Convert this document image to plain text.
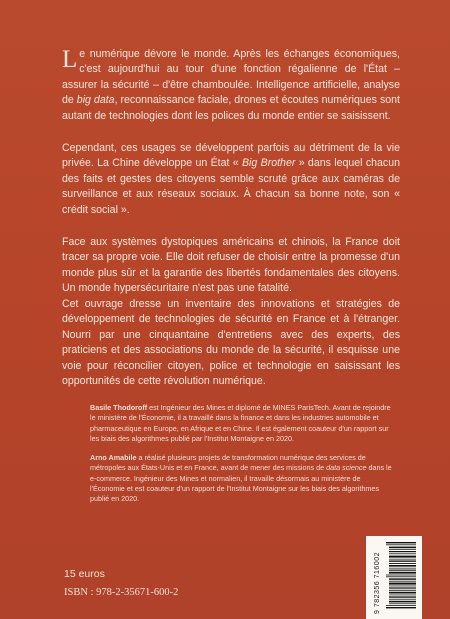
Le numérique dévore le monde. Après les échanges économiques, c'est aujourd'hui au tour d'une fonction régalienne de l'État – assurer la sécurité – d'être chamboulée. Intelligence artificielle, analyse de big data, reconnaissance faciale, drones et écoutes numériques sont autant de technologies dont les polices du monde entier se saisissent.

Cependant, ces usages se développent parfois au détriment de la vie privée. La Chine développe un État « Big Brother » dans lequel chacun des faits et gestes des citoyens semble scruté grâce aux caméras de surveillance et aux réseaux sociaux. À chacun sa bonne note, son « crédit social ».

Face aux systèmes dystopiques américains et chinois, la France doit tracer sa propre voie. Elle doit refuser de choisir entre la promesse d'un monde plus sûr et la garantie des libertés fondamentales des citoyens. Un monde hypersécuritaire n'est pas une fatalité.

Cet ouvrage dresse un inventaire des innovations et stratégies de développement de technologies de sécurité en France et à l'étranger. Nourri par une cinquantaine d'entretiens avec des experts, des praticiens et des associations du monde de la sécurité, il esquisse une voie pour réconcilier citoyen, police et technologie en saisissant les opportunités de cette révolution numérique.

Basile Thodoroff est Ingénieur des Mines et diplomé de MINES ParisTech. Avant de rejoindre le ministère de l'Économie, il a travaillé dans la finance et dans les industries automobile et pharmaceutique en Europe, en Afrique et en Chine. Il est également coauteur d'un rapport sur les biais des algorithmes publié par l'Institut Montaigne en 2020.

Arno Amabile a réalisé plusieurs projets de transformation numérique des services de métropoles aux États-Unis et en France, avant de mener des missions de data science dans le e-commerce. Ingénieur des Mines et normalien, il travaille désormais au ministère de l'Économie et est coauteur d'un rapport de l'Institut Montaigne sur les biais des algorithmes publié en 2020.

15 euros
ISBN : 978-2-35671-600-2	9 782356 716002
